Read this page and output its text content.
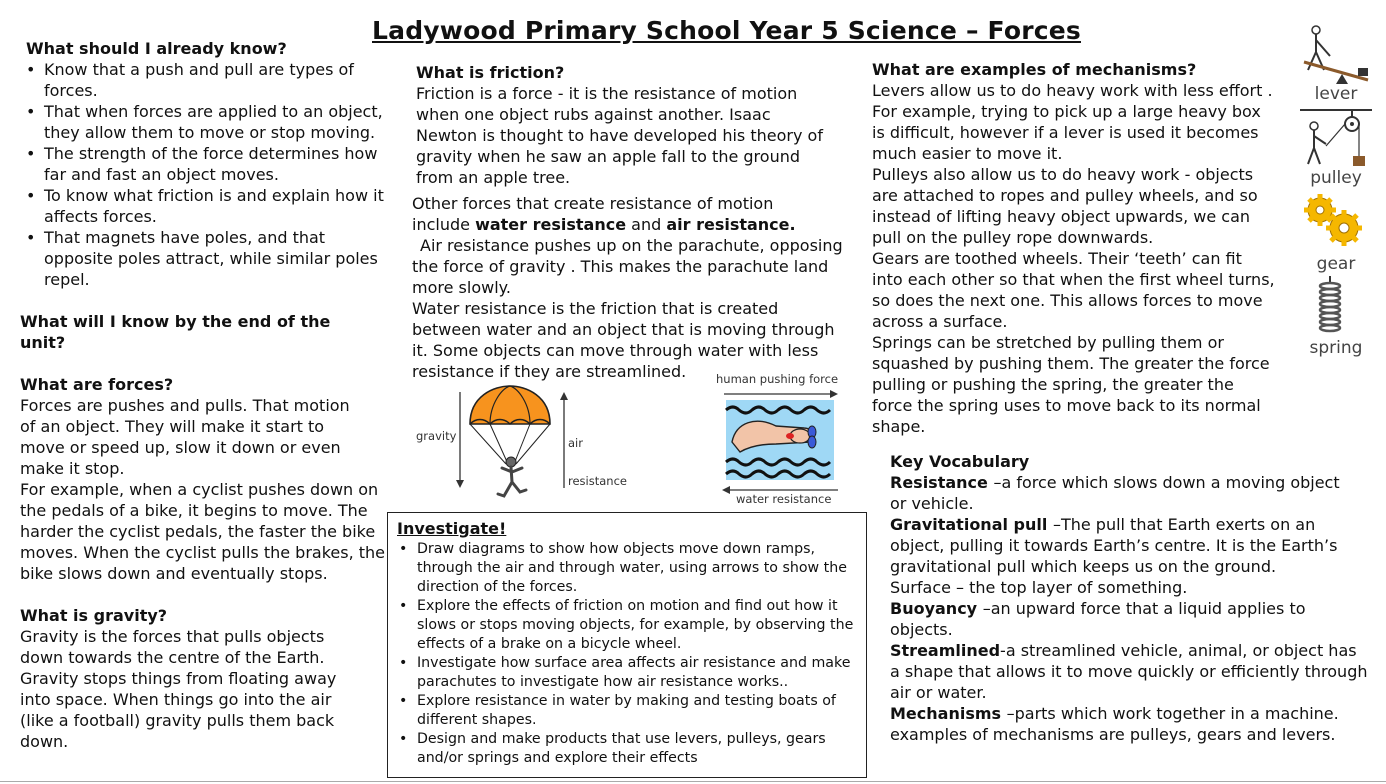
Ladywood Primary School Year 5 Science – Forces
What should I already know?
• Know that a push and pull are types of forces.
• That when forces are applied to an object, they allow them to move or stop moving.
• The strength of the force determines how far and fast an object moves.
• To know what friction is and explain how it affects forces.
• That magnets have poles, and that opposite poles attract, while similar poles repel.
What will I know by the end of the unit?
What are forces?
Forces are pushes and pulls. That motion of an object. They will make it start to move or speed up, slow it down or even make it stop.
For example, when a cyclist pushes down on the pedals of a bike, it begins to move. The harder the cyclist pedals, the faster the bike moves. When the cyclist pulls the brakes, the bike slows down and eventually stops.
What is gravity?
Gravity is the forces that pulls objects down towards the centre of the Earth. Gravity stops things from floating away into space. When things go into the air (like a football) gravity pulls them back down.
What is friction?
Friction is a force - it is the resistance of motion when one object rubs against another. Isaac Newton is thought to have developed his theory of gravity when he saw an apple fall to the ground from an apple tree.
Other forces that create resistance of motion include water resistance and air resistance.
Air resistance pushes up on the parachute, opposing the force of gravity . This makes the parachute land more slowly.
Water resistance is the friction that is created between water and an object that is moving through it. Some objects can move through water with less resistance if they are streamlined.
gravity	air
resistance
human pushing force
water resistance
Investigate!
• Draw diagrams to show how objects move down ramps, through the air and through water, using arrows to show the direction of the forces.
• Explore the effects of friction on motion and find out how it slows or stops moving objects, for example, by observing the effects of a brake on a bicycle wheel.
• Investigate how surface area affects air resistance and make parachutes to investigate how air resistance works..
• Explore resistance in water by making and testing boats of different shapes.
• Design and make products that use levers, pulleys, gears and/or springs and explore their effects
What are examples of mechanisms?
Levers allow us to do heavy work with less effort . For example, trying to pick up a large heavy box is difficult, however if a lever is used it becomes much easier to move it.
Pulleys also allow us to do heavy work - objects are attached to ropes and pulley wheels, and so instead of lifting heavy object upwards, we can pull on the pulley rope downwards.
Gears are toothed wheels. Their ‘teeth’ can fit into each other so that when the first wheel turns, so does the next one. This allows forces to move across a surface.
Springs can be stretched by pulling them or squashed by pushing them. The greater the force pulling or pushing the spring, the greater the force the spring uses to move back to its normal shape.
lever
pulley
gear
spring
Key Vocabulary
Resistance –a force which slows down a moving object or vehicle.
Gravitational pull –The pull that Earth exerts on an object, pulling it towards Earth’s centre. It is the Earth’s gravitational pull which keeps us on the ground.
Surface – the top layer of something.
Buoyancy –an upward force that a liquid applies to objects.
Streamlined-a streamlined vehicle, animal, or object has a shape that allows it to move quickly or efficiently through air or water.
Mechanisms –parts which work together in a machine. examples of mechanisms are pulleys, gears and levers.
